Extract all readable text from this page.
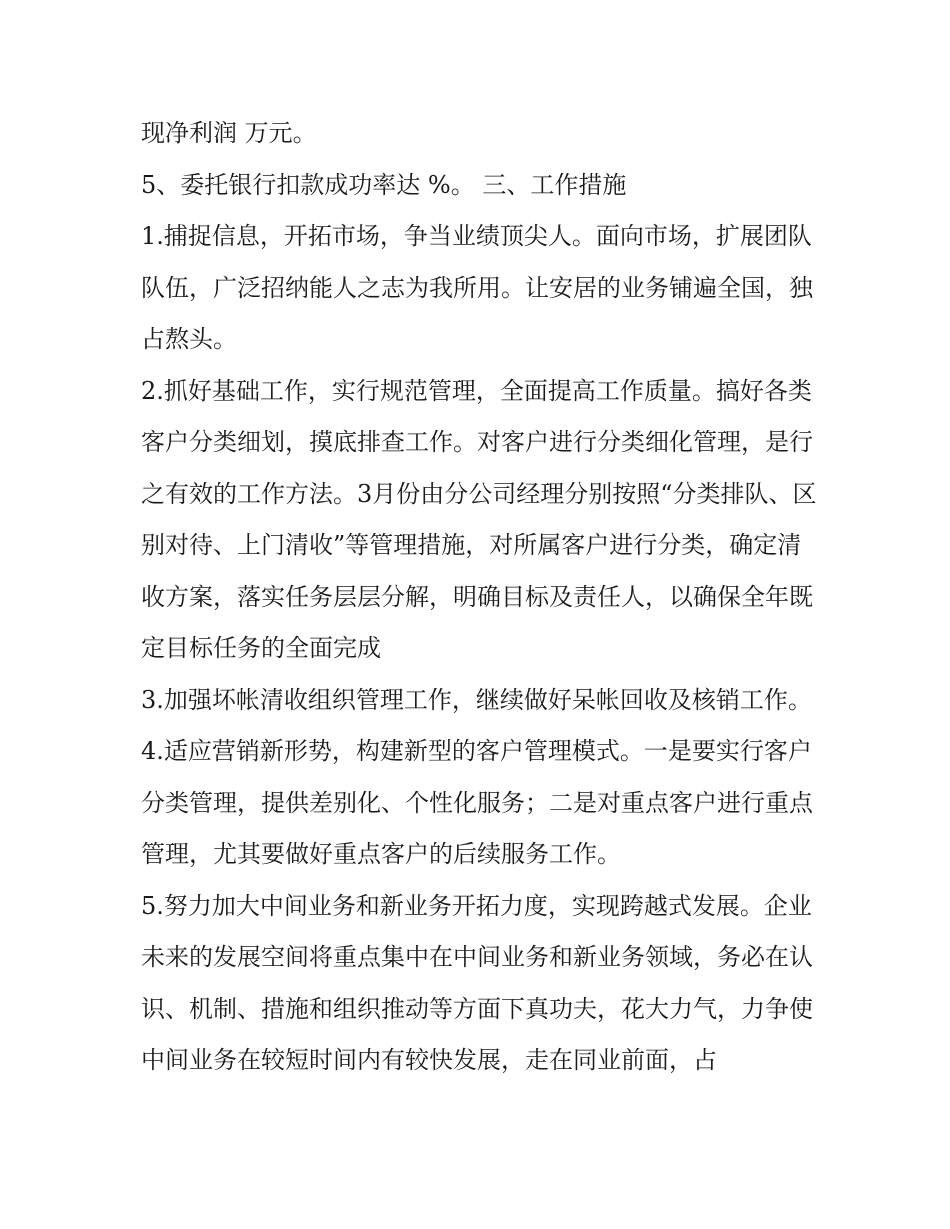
现净利润 万元。

5、委托银行扣款成功率达 %。 三、工作措施

1.捕捉信息，开拓市场，争当业绩顶尖人。面向市场，扩展团队队伍，广泛招纳能人之志为我所用。让安居的业务铺遍全国，独占熬头。

2.抓好基础工作，实行规范管理，全面提高工作质量。搞好各类客户分类细划，摸底排查工作。对客户进行分类细化管理，是行之有效的工作方法。3月份由分公司经理分别按照“分类排队、区别对待、上门清收”等管理措施，对所属客户进行分类，确定清收方案，落实任务层层分解，明确目标及责任人，以确保全年既定目标任务的全面完成

3.加强坏帐清收组织管理工作，继续做好呆帐回收及核销工作。

4.适应营销新形势，构建新型的客户管理模式。一是要实行客户分类管理，提供差别化、个性化服务；二是对重点客户进行重点管理，尤其要做好重点客户的后续服务工作。

5.努力加大中间业务和新业务开拓力度，实现跨越式发展。企业未来的发展空间将重点集中在中间业务和新业务领域，务必在认识、机制、措施和组织推动等方面下真功夫，花大力气，力争使中间业务在较短时间内有较快发展，走在同业前面，占
